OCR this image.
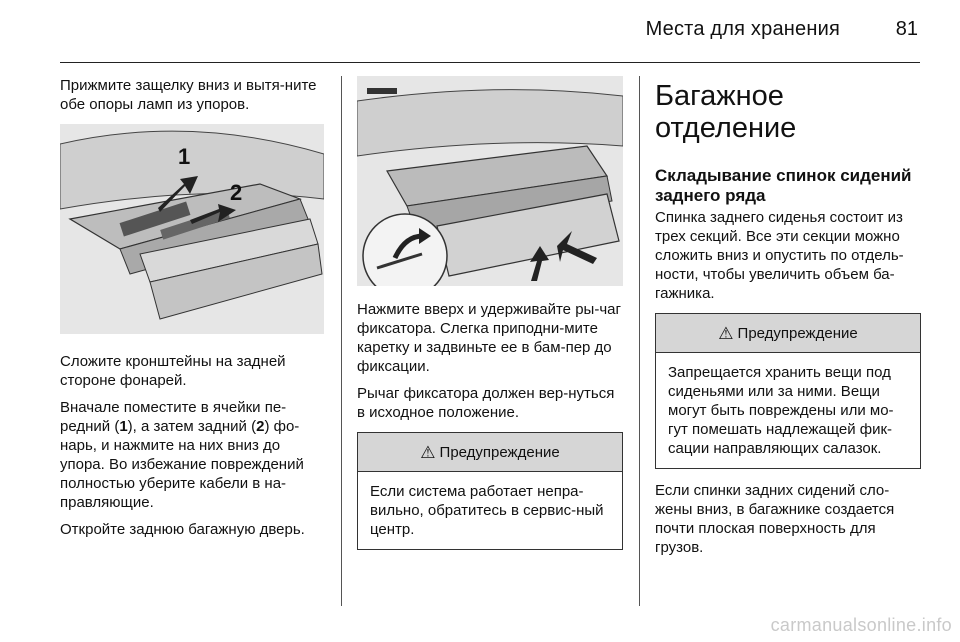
Места для хранения	81

Прижмите защелку вниз и вытя-ните обе опоры ламп из упоров.

1
2

Сложите кронштейны на задней стороне фонарей.

Вначале поместите в ячейки пе-редний (1), а затем задний (2) фо-нарь, и нажмите на них вниз до упора. Во избежание повреждений полностью уберите кабели в на-правляющие.

Откройте заднюю багажную дверь.

Нажмите вверх и удерживайте ры-чаг фиксатора. Слегка приподни-мите каретку и задвиньте ее в бам-пер до фиксации.

Рычаг фиксатора должен вер-нуться в исходное положение.

⚠ Предупреждение
Если система работает непра-вильно, обратитесь в сервис-ный центр.
Багажное отделение
Складывание спинок сидений заднего ряда

Спинка заднего сиденья состоит из трех секций. Все эти секции можно сложить вниз и опустить по отдель-ности, чтобы увеличить объем ба-гажника.

⚠ Предупреждение
Запрещается хранить вещи под сиденьями или за ними. Вещи могут быть повреждены или мо-гут помешать надлежащей фик-сации направляющих салазок.

Если спинки задних сидений сло-жены вниз, в багажнике создается почти плоская поверхность для грузов.

carmanualsonline.info
